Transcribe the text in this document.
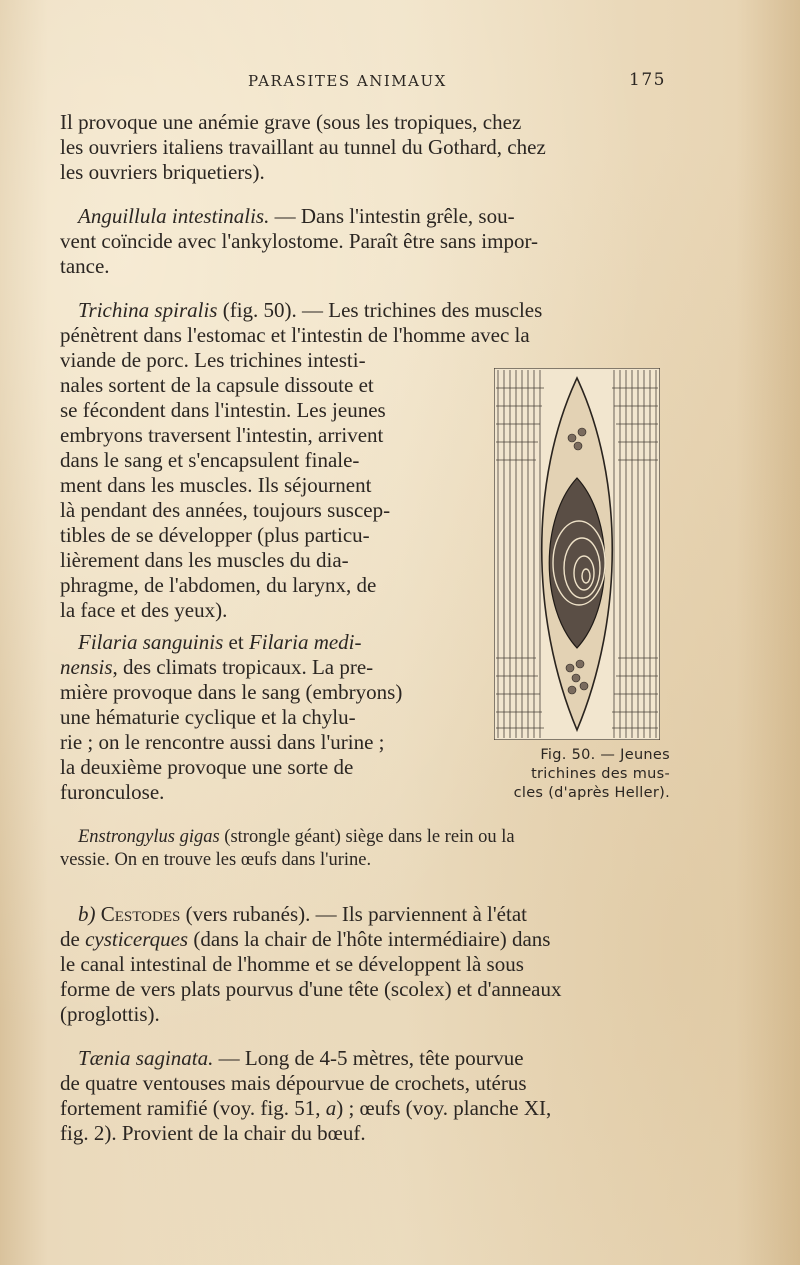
PARASITES ANIMAUX	175

Il provoque une anémie grave (sous les tropiques, chez
les ouvriers italiens travaillant au tunnel du Gothard, chez
les ouvriers briquetiers).

Anguillula intestinalis. — Dans l'intestin grêle, sou-
vent coïncide avec l'ankylostome. Paraît être sans impor-
tance.

Trichina spiralis (fig. 50). — Les trichines des muscles
pénètrent dans l'estomac et l'intestin de l'homme avec la

viande de porc. Les trichines intesti-
nales sortent de la capsule dissoute et
se fécondent dans l'intestin. Les jeunes
embryons traversent l'intestin, arrivent
dans le sang et s'encapsulent finale-
ment dans les muscles. Ils séjournent
là pendant des années, toujours suscep-
tibles de se développer (plus particu-
lièrement dans les muscles du dia-
phragme, de l'abdomen, du larynx, de
la face et des yeux).

Filaria sanguinis et Filaria medi-
nensis, des climats tropicaux. La pre-
mière provoque dans le sang (embryons)
une hématurie cyclique et la chylu-
rie ; on le rencontre aussi dans l'urine ;
la deuxième provoque une sorte de
furonculose.

Fig. 50. — Jeunes
trichines des mus-
cles (d'après Heller).

Enstrongylus gigas (strongle géant) siège dans le rein ou la
vessie. On en trouve les œufs dans l'urine.

b) Cestodes (vers rubanés). — Ils parviennent à l'état
de cysticerques (dans la chair de l'hôte intermédiaire) dans
le canal intestinal de l'homme et se développent là sous
forme de vers plats pourvus d'une tête (scolex) et d'anneaux
(proglottis).

Tænia saginata. — Long de 4-5 mètres, tête pourvue
de quatre ventouses mais dépourvue de crochets, utérus
fortement ramifié (voy. fig. 51, a) ; œufs (voy. planche XI,
fig. 2). Provient de la chair du bœuf.
